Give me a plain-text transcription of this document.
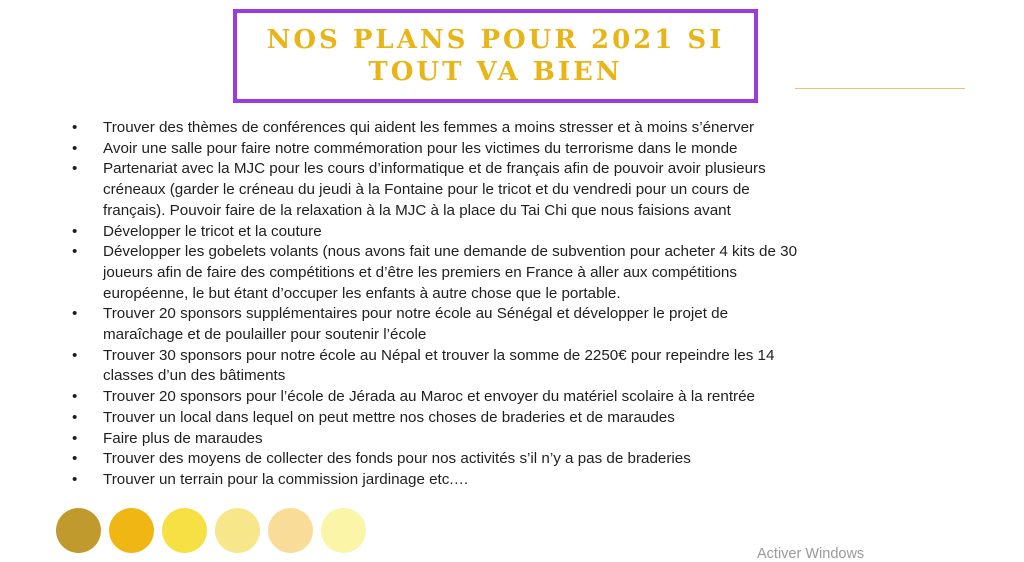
NOS PLANS POUR 2021 SI
TOUT VA BIEN
•	Trouver des thèmes de conférences qui aident les femmes a moins stresser et à moins s’énerver
•	Avoir une salle pour faire notre commémoration pour les victimes du terrorisme dans le monde
•	Partenariat avec la MJC pour les cours d’informatique et de français afin de pouvoir avoir plusieurs
créneaux (garder le créneau du jeudi à la Fontaine pour le tricot et du vendredi pour un cours de
français). Pouvoir faire de la relaxation à la MJC à la place du Tai Chi que nous faisions avant
•	Développer le tricot et la couture
•	Développer les gobelets volants (nous avons fait une demande de subvention pour acheter 4 kits de 30
joueurs afin de faire des compétitions et d’être les premiers en France à aller aux compétitions
européenne, le but étant d’occuper les enfants à autre chose que le portable.
•	Trouver 20 sponsors supplémentaires pour notre école au Sénégal et développer le projet de
maraîchage et de poulailler pour soutenir l’école
•	Trouver 30 sponsors pour notre école au Népal et trouver la somme de 2250€ pour repeindre les 14
classes d’un des bâtiments
•	Trouver 20 sponsors pour l’école de Jérada au Maroc et envoyer du matériel scolaire à la rentrée
•	Trouver un local dans lequel on peut mettre nos choses de braderies et de maraudes
•	Faire plus de maraudes
•	Trouver des moyens de collecter des fonds pour nos activités s’il n’y a pas de braderies
•	Trouver un terrain pour la commission jardinage etc.…
Activer Windows
